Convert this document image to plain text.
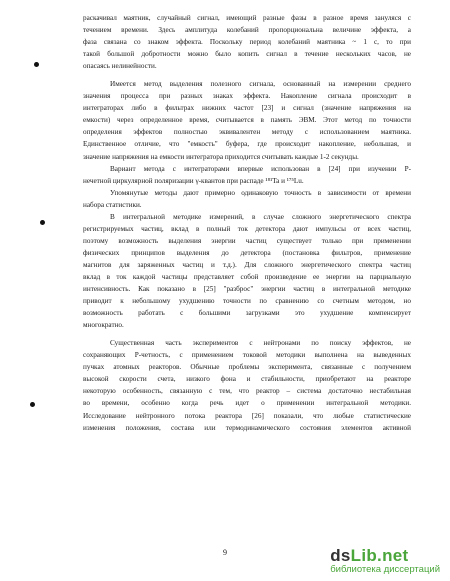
раскачивал маятник, случайный сигнал, имеющий разные фазы в разное время зануляся с
течением времени. Здесь амплитуда колебаний пропорциональна величине эффекта, а
фаза связана со знаком эффекта. Поскольку период колебаний маятника ~ 1 с, то при
такой большой добротности можно было копить сигнал в течение нескольких часов, не
опасаясь нелинейности.
Имеется метод выделения полезного сигнала, основанный на измерении среднего
значения процесса при разных знаках эффекта. Накопление сигнала происходит в
интеграторах либо в фильтрах нижних частот [23] и сигнал (значение напряжения на
емкости) через определенное время, считывается в память ЭВМ. Этот метод по точности
определения эффектов полностью эквивалентен методу с использованием маятника.
Единственное отличие, что "емкость" буфера, где происходит накопление, небольшая, и
значение напряжения на емкости интегратора приходится считывать каждые 1-2 секунды.
Вариант метода с интеграторами впервые использован в [24] при изучении Р-
нечетной циркулярной поляризации γ-квантов при распаде ¹⁸¹Ta и ¹⁷⁵Lu.
Упомянутые методы дают примерно одинаковую точность в зависимости от времени
набора статистики.
В интегральной методике измерений, в случае сложного энергетического спектра
регистрируемых частиц, вклад в полный ток детектора дают импульсы от всех частиц,
поэтому возможность выделения энергии частиц существует только при применении
физических принципов выделения до детектора (постановка фильтров, применение
магнитов для заряженных частиц и т.д.). Для сложного энергетического спектра частиц
вклад в ток каждой частицы представляет собой произведение ее энергии на парциальную
интенсивность. Как показано в [25] "разброс" энергии частиц в интегральной методике
приводит к небольшому ухудшению точности по сравнению со счетным методом, но
возможность работать с большими загрузками это ухудшение компенсирует
многократно.
Существенная часть экспериментов с нейтронами по поиску эффектов, не
сохраняющих Р-четность, с применением токовой методики выполнена на выведенных
пучках атомных реакторов. Обычные проблемы эксперимента, связанные с получением
высокой скорости счета, низкого фона и стабильности, приобретают на реакторе
некоторую особенность, связанную с тем, что реактор – система достаточно нестабильная
во времени, особенно когда речь идет о применении интегральной методики.
Исследование нейтронного потока реактора [26] показали, что любые статистические
изменения положения, состава или термодинамического состояния элементов активной
9	dsLib.net
библиотека диссертаций
